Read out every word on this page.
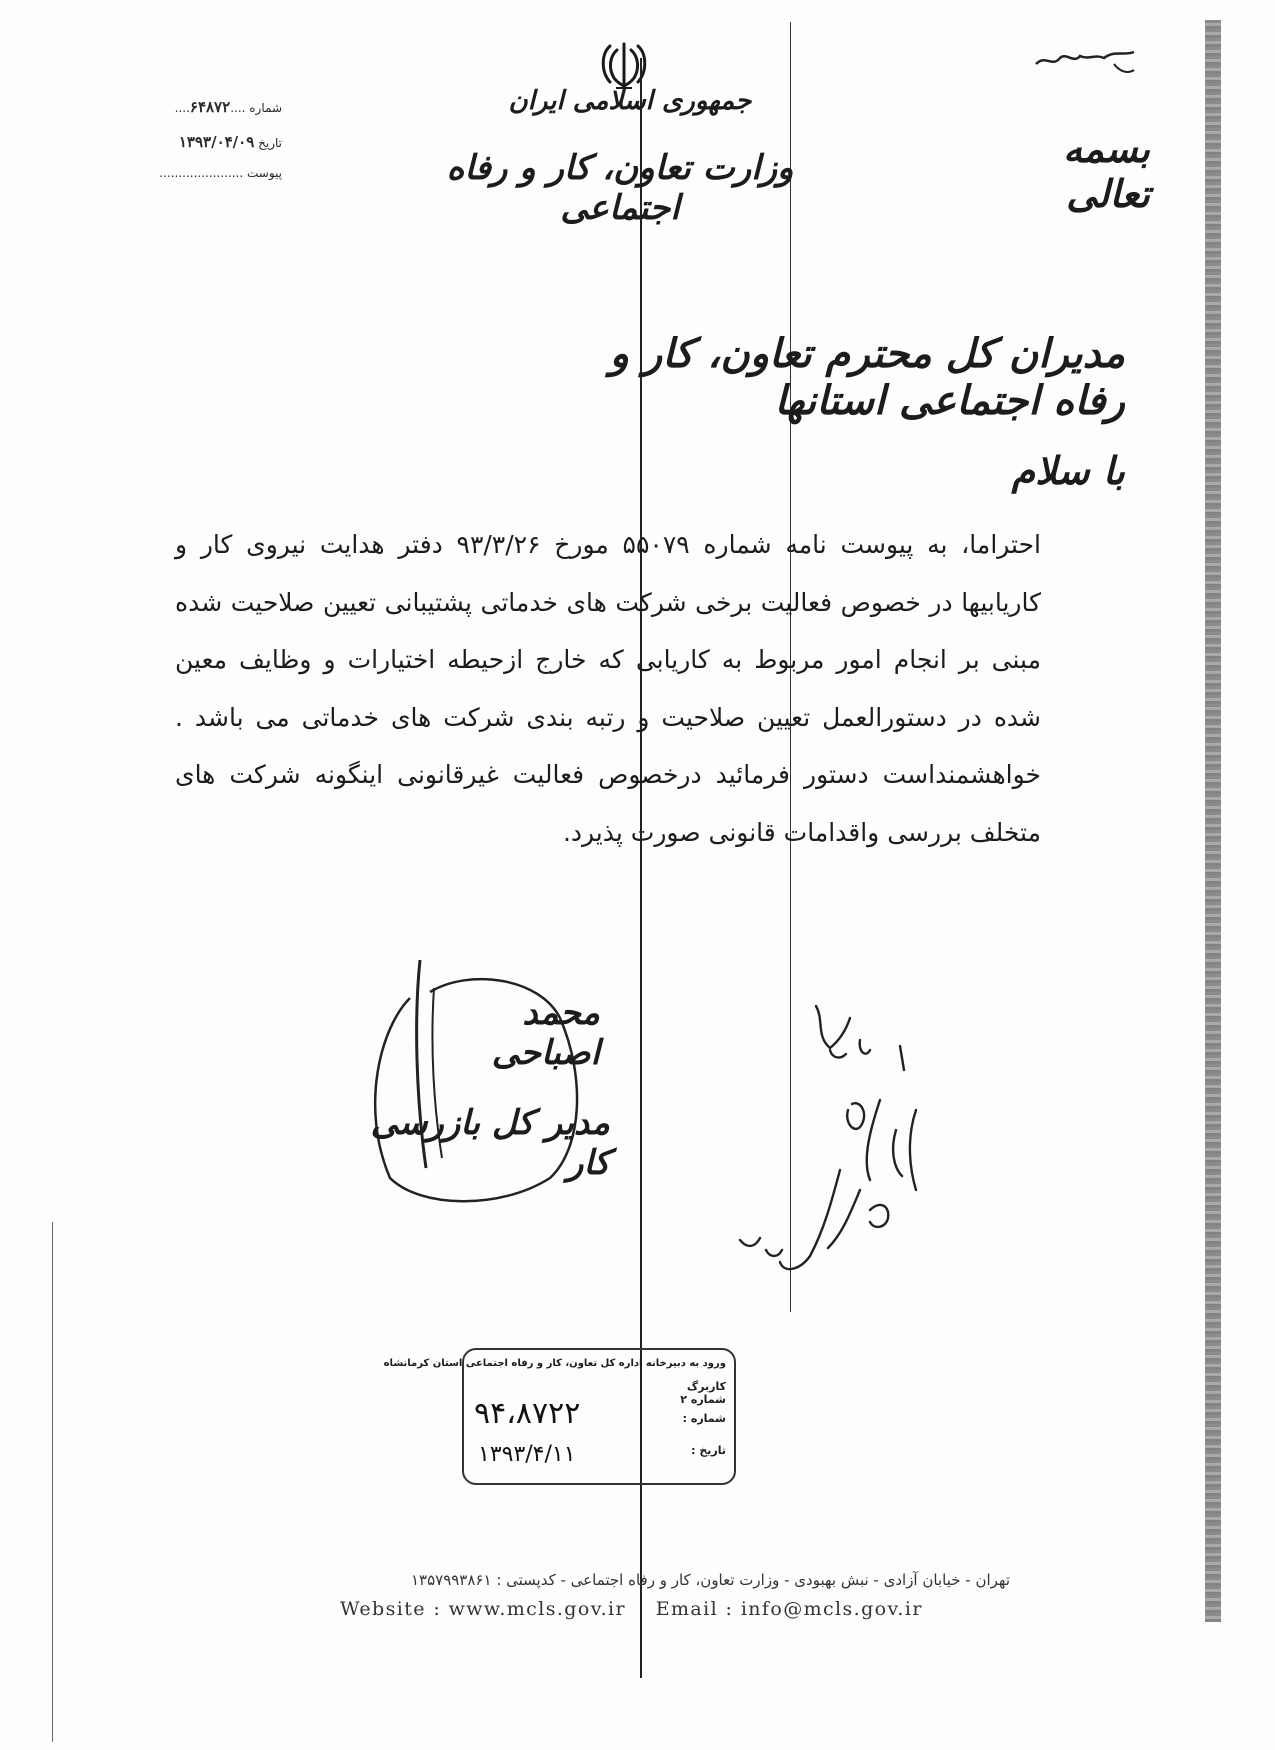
شماره ....۶۴۸۷۲....
تاریخ ۱۳۹۳/۰۴/۰۹
پیوست ......................
جمهوری اسلامی ایران
وزارت تعاون، کار و رفاه اجتماعی
بسمه تعالی
مدیران کل محترم تعاون، کار و رفاه اجتماعی استانها
با سلام
احتراما، به پیوست نامه شماره ۵۵۰۷۹ مورخ ۹۳/۳/۲۶ دفتر هدایت نیروی کار و کاریابیها در خصوص فعالیت برخی شرکت های خدماتی پشتیبانی تعیین صلاحیت شده مبنی بر انجام امور مربوط به کاریابی که خارج ازحیطه اختیارات و وظایف معین شده در دستورالعمل تعیین صلاحیت و رتبه بندی شرکت های خدماتی می باشد . خواهشمنداست دستور فرمائید درخصوص فعالیت غیرقانونی اینگونه شرکت های متخلف بررسی واقدامات قانونی صورت پذیرد.
محمد اصباحی
مدیر کل بازرسی کار
ورود به دبیرخانه اداره کل تعاون، کار و رفاه اجتماعی استان کرمانشاه
کاربرگ شماره ۲
شماره :
تاریخ :
۹۴،۸۷۲۲
۱۳۹۳/۴/۱۱
تهران - خیابان آزادی - نبش بهبودی - وزارت تعاون، کار و رفاه اجتماعی - کدپستی : ۱۳۵۷۹۹۳۸۶۱
Website : www.mcls.gov.ir Email : info@mcls.gov.ir
